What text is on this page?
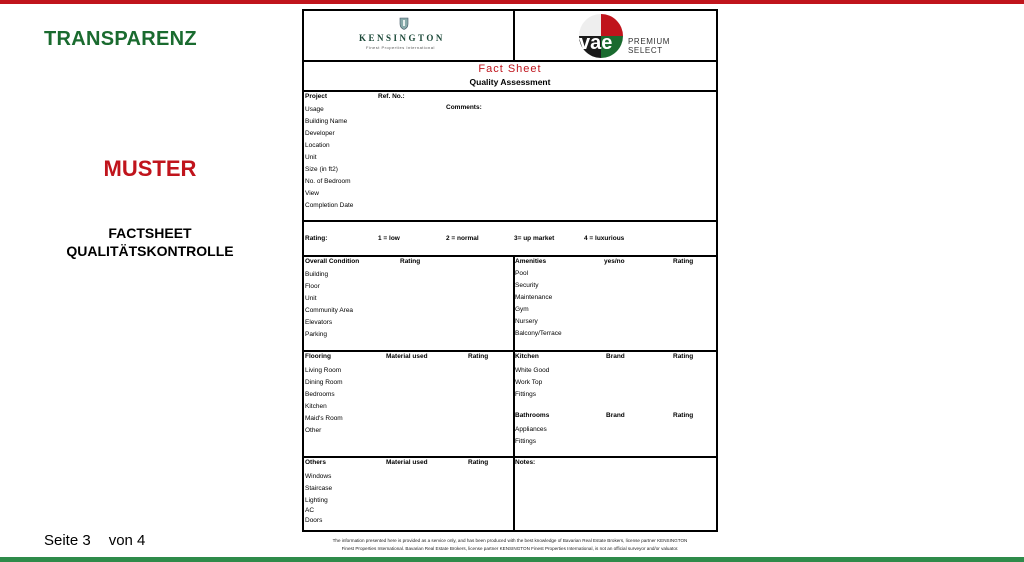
TRANSPARENZ
MUSTER
FACTSHEET
QUALITÄTSKONTROLLE
Seite 3 von 4
KENSINGTON
Finest Properties International	vae PREMIUM
SELECT
Fact Sheet
Quality Assessment
Project	Ref. No.:
Comments:
Usage
Building Name
Developer
Location
Unit
Size (in ft2)
No. of Bedroom
View
Completion Date
Rating:	1 = low	2 = normal	3= up market	4 = luxurious
Overall Condition	Rating
Building
Floor
Unit
Community Area
Elevators
Parking
Amenities	yes/no	Rating
Pool
Security
Maintenance
Gym
Nursery
Balcony/Terrace
Flooring	Material used	Rating
Living Room
Dining Room
Bedrooms
Kitchen
Maid's Room
Other
Kitchen	Brand	Rating
White Good
Work Top
Fittings
Bathrooms	Brand	Rating
Appliances
Fittings
Others	Material used	Rating
Windows
Staircase
Lighting
AC
Doors
Notes:
The information presented here is provided as a service only, and has been produced with the best knowledge of Bavarian Real Estate Brokers, license partner KENSINGTON
Finest Properties International. Bavarian Real Estate Brokers, license partner KENSINGTON Finest Properties International, is not an official surveyor and/or valuator.
